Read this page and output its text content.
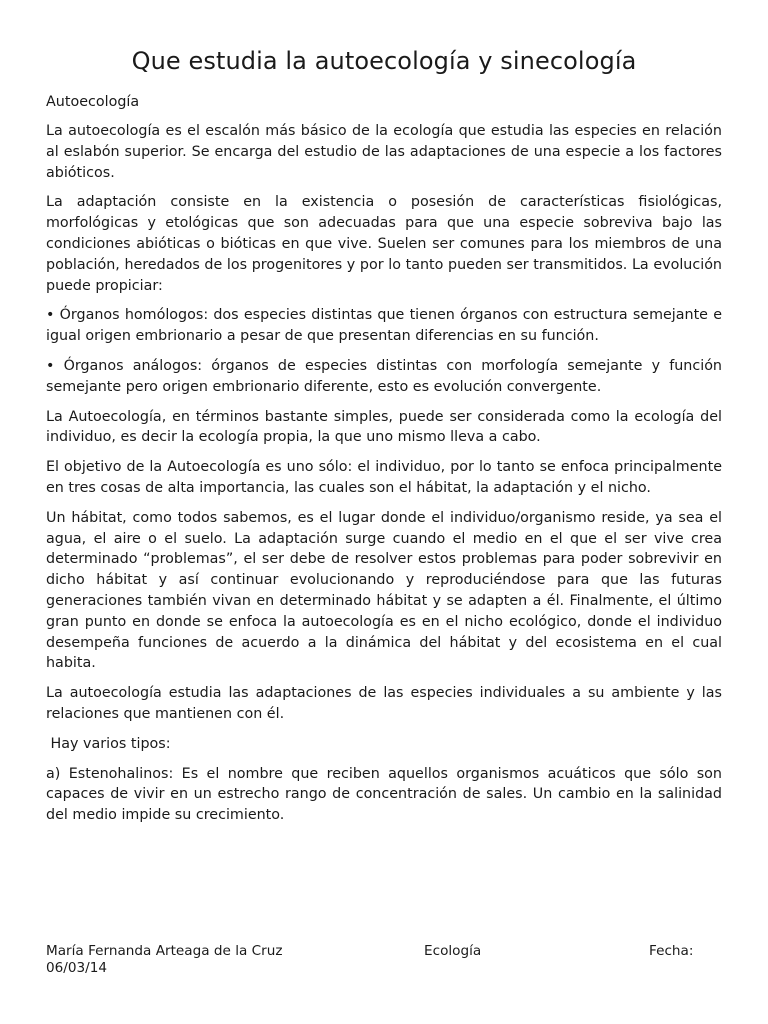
Que estudia la autoecología y sinecología

Autoecología

La autoecología es el escalón más básico de la ecología que estudia las especies en relación al eslabón superior. Se encarga del estudio de las adaptaciones de una especie a los factores abióticos.

La adaptación consiste en la existencia o posesión de características fisiológicas, morfológicas y etológicas que son adecuadas para que una especie sobreviva bajo las condiciones abióticas o bióticas en que vive. Suelen ser comunes para los miembros de una población, heredados de los progenitores y por lo tanto pueden ser transmitidos. La evolución puede propiciar:

• Órganos homólogos: dos especies distintas que tienen órganos con estructura semejante e igual origen embrionario a pesar de que presentan diferencias en su función.

• Órganos análogos: órganos de especies distintas con morfología semejante y función semejante pero origen embrionario diferente, esto es evolución convergente.

La Autoecología, en términos bastante simples, puede ser considerada como la ecología del individuo, es decir la ecología propia, la que uno mismo lleva a cabo.

El objetivo de la Autoecología es uno sólo: el individuo, por lo tanto se enfoca principalmente en tres cosas de alta importancia, las cuales son el hábitat, la adaptación y el nicho.

Un hábitat, como todos sabemos, es el lugar donde el individuo/organismo reside, ya sea el agua, el aire o el suelo. La adaptación surge cuando el medio en el que el ser vive crea determinado “problemas”, el ser debe de resolver estos problemas para poder sobrevivir en dicho hábitat y así continuar evolucionando y reproduciéndose para que las futuras generaciones también vivan en determinado hábitat y se adapten a él. Finalmente, el último gran punto en donde se enfoca la autoecología es en el nicho ecológico, donde el individuo desempeña funciones de acuerdo a la dinámica del hábitat y del ecosistema en el cual habita.

La autoecología estudia las adaptaciones de las especies individuales a su ambiente y las relaciones que mantienen con él.

Hay varios tipos:

a) Estenohalinos: Es el nombre que reciben aquellos organismos acuáticos que sólo son capaces de vivir en un estrecho rango de concentración de sales. Un cambio en la salinidad del medio impide su crecimiento.

María Fernanda Arteaga de la Cruz	Ecología	Fecha:
06/03/14
